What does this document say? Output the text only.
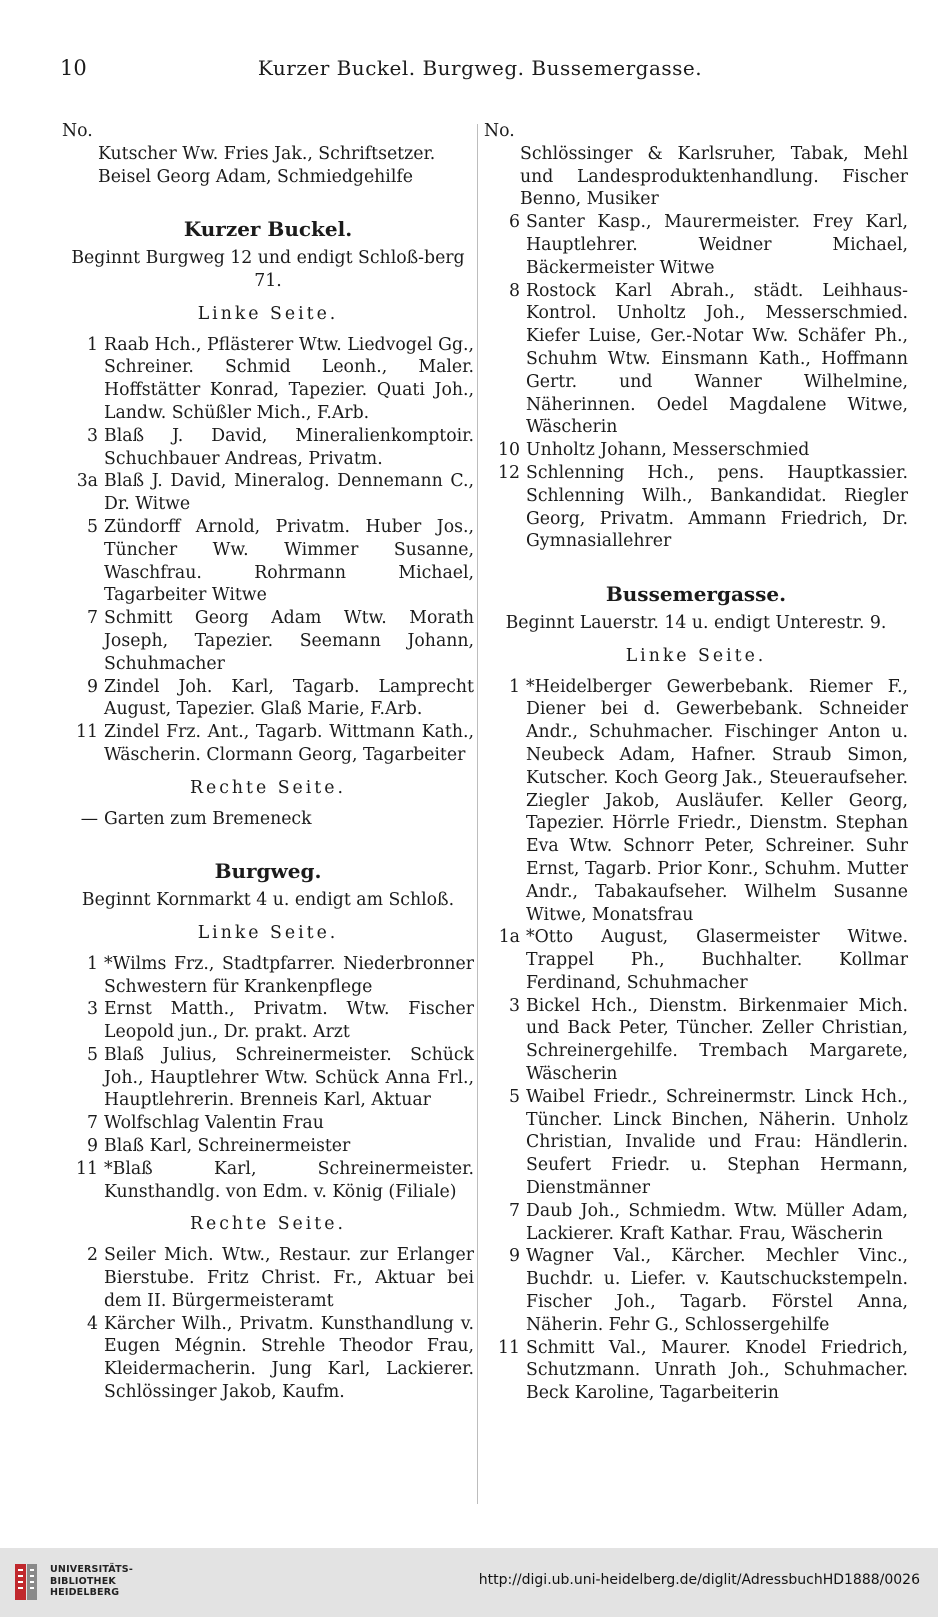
10	Kurzer Buckel. Burgweg. Bussemergasse.

No.

Kutscher Ww. Fries Jak., Schriftsetzer.

Beisel Georg Adam, Schmiedgehilfe

Kurzer Buckel.
Beginnt Burgweg 12 und endigt Schloß-berg 71.
Linke Seite.
1 Raab Hch., Pflästerer Wtw. Liedvogel Gg., Schreiner. Schmid Leonh., Maler. Hoffstätter Konrad, Tapezier. Quati Joh., Landw. Schüßler Mich., F.Arb.
3 Blaß J. David, Mineralienkomptoir. Schuchbauer Andreas, Privatm.
3a Blaß J. David, Mineralog. Dennemann C., Dr. Witwe
5 Zündorff Arnold, Privatm. Huber Jos., Tüncher Ww. Wimmer Susanne, Waschfrau. Rohrmann Michael, Tagarbeiter Witwe
7 Schmitt Georg Adam Wtw. Morath Joseph, Tapezier. Seemann Johann, Schuhmacher
9 Zindel Joh. Karl, Tagarb. Lamprecht August, Tapezier. Glaß Marie, F.Arb.
11 Zindel Frz. Ant., Tagarb. Wittmann Kath., Wäscherin. Clormann Georg, Tagarbeiter
Rechte Seite.
— Garten zum Bremeneck
Burgweg.
Beginnt Kornmarkt 4 u. endigt am Schloß.
Linke Seite.
1 *Wilms Frz., Stadtpfarrer. Niederbronner Schwestern für Krankenpflege
3 Ernst Matth., Privatm. Wtw. Fischer Leopold jun., Dr. prakt. Arzt
5 Blaß Julius, Schreinermeister. Schück Joh., Hauptlehrer Wtw. Schück Anna Frl., Hauptlehrerin. Brenneis Karl, Aktuar
7 Wolfschlag Valentin Frau
9 Blaß Karl, Schreinermeister
11 *Blaß Karl, Schreinermeister. Kunsthandlg. von Edm. v. König (Filiale)
Rechte Seite.
2 Seiler Mich. Wtw., Restaur. zur Erlanger Bierstube. Fritz Christ. Fr., Aktuar bei dem II. Bürgermeisteramt
4 Kärcher Wilh., Privatm. Kunsthandlung v. Eugen Mégnin. Strehle Theodor Frau, Kleidermacherin. Jung Karl, Lackierer. Schlössinger Jakob, Kaufm.

No.

Schlössinger & Karlsruher, Tabak, Mehl und Landesproduktenhandlung. Fischer Benno, Musiker

6 Santer Kasp., Maurermeister. Frey Karl, Hauptlehrer. Weidner Michael, Bäckermeister Witwe
8 Rostock Karl Abrah., städt. Leihhaus-Kontrol. Unholtz Joh., Messerschmied. Kiefer Luise, Ger.-Notar Ww. Schäfer Ph., Schuhm Wtw. Einsmann Kath., Hoffmann Gertr. und Wanner Wilhelmine, Näherinnen. Oedel Magdalene Witwe, Wäscherin
10 Unholtz Johann, Messerschmied
12 Schlenning Hch., pens. Hauptkassier. Schlenning Wilh., Bankandidat. Riegler Georg, Privatm. Ammann Friedrich, Dr. Gymnasiallehrer
Bussemergasse.
Beginnt Lauerstr. 14 u. endigt Unterestr. 9.
Linke Seite.
1 *Heidelberger Gewerbebank. Riemer F., Diener bei d. Gewerbebank. Schneider Andr., Schuhmacher. Fischinger Anton u. Neubeck Adam, Hafner. Straub Simon, Kutscher. Koch Georg Jak., Steueraufseher. Ziegler Jakob, Ausläufer. Keller Georg, Tapezier. Hörrle Friedr., Dienstm. Stephan Eva Wtw. Schnorr Peter, Schreiner. Suhr Ernst, Tagarb. Prior Konr., Schuhm. Mutter Andr., Tabakaufseher. Wilhelm Susanne Witwe, Monatsfrau
1a *Otto August, Glasermeister Witwe. Trappel Ph., Buchhalter. Kollmar Ferdinand, Schuhmacher
3 Bickel Hch., Dienstm. Birkenmaier Mich. und Back Peter, Tüncher. Zeller Christian, Schreinergehilfe. Trembach Margarete, Wäscherin
5 Waibel Friedr., Schreinermstr. Linck Hch., Tüncher. Linck Binchen, Näherin. Unholz Christian, Invalide und Frau: Händlerin. Seufert Friedr. u. Stephan Hermann, Dienstmänner
7 Daub Joh., Schmiedm. Wtw. Müller Adam, Lackierer. Kraft Kathar. Frau, Wäscherin
9 Wagner Val., Kärcher. Mechler Vinc., Buchdr. u. Liefer. v. Kautschuckstempeln. Fischer Joh., Tagarb. Förstel Anna, Näherin. Fehr G., Schlossergehilfe
11 Schmitt Val., Maurer. Knodel Friedrich, Schutzmann. Unrath Joh., Schuhmacher. Beck Karoline, Tagarbeiterin
UNIVERSITÄTS-
BIBLIOTHEK
HEIDELBERG
http://digi.ub.uni-heidelberg.de/diglit/AdressbuchHD1888/0026
